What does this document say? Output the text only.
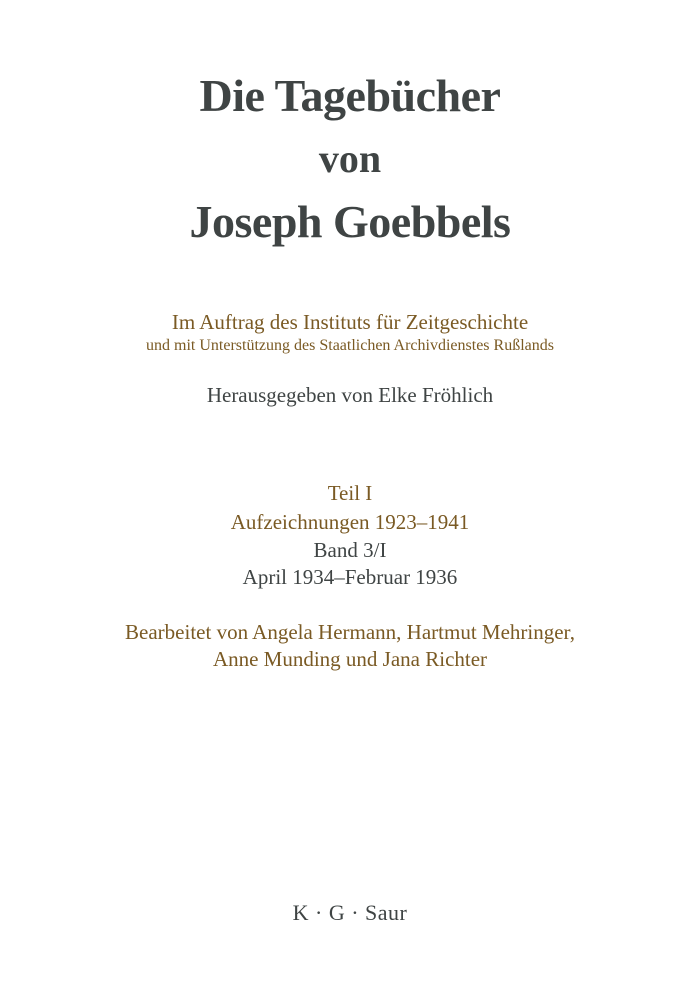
Die Tagebücher
von
Joseph Goebbels

Im Auftrag des Instituts für Zeitgeschichte

und mit Unterstützung des Staatlichen Archivdienstes Rußlands

Herausgegeben von Elke Fröhlich

Teil I

Aufzeichnungen 1923–1941

Band 3/I

April 1934–Februar 1936

Bearbeitet von Angela Hermann, Hartmut Mehringer,

Anne Munding und Jana Richter

K · G · Saur
